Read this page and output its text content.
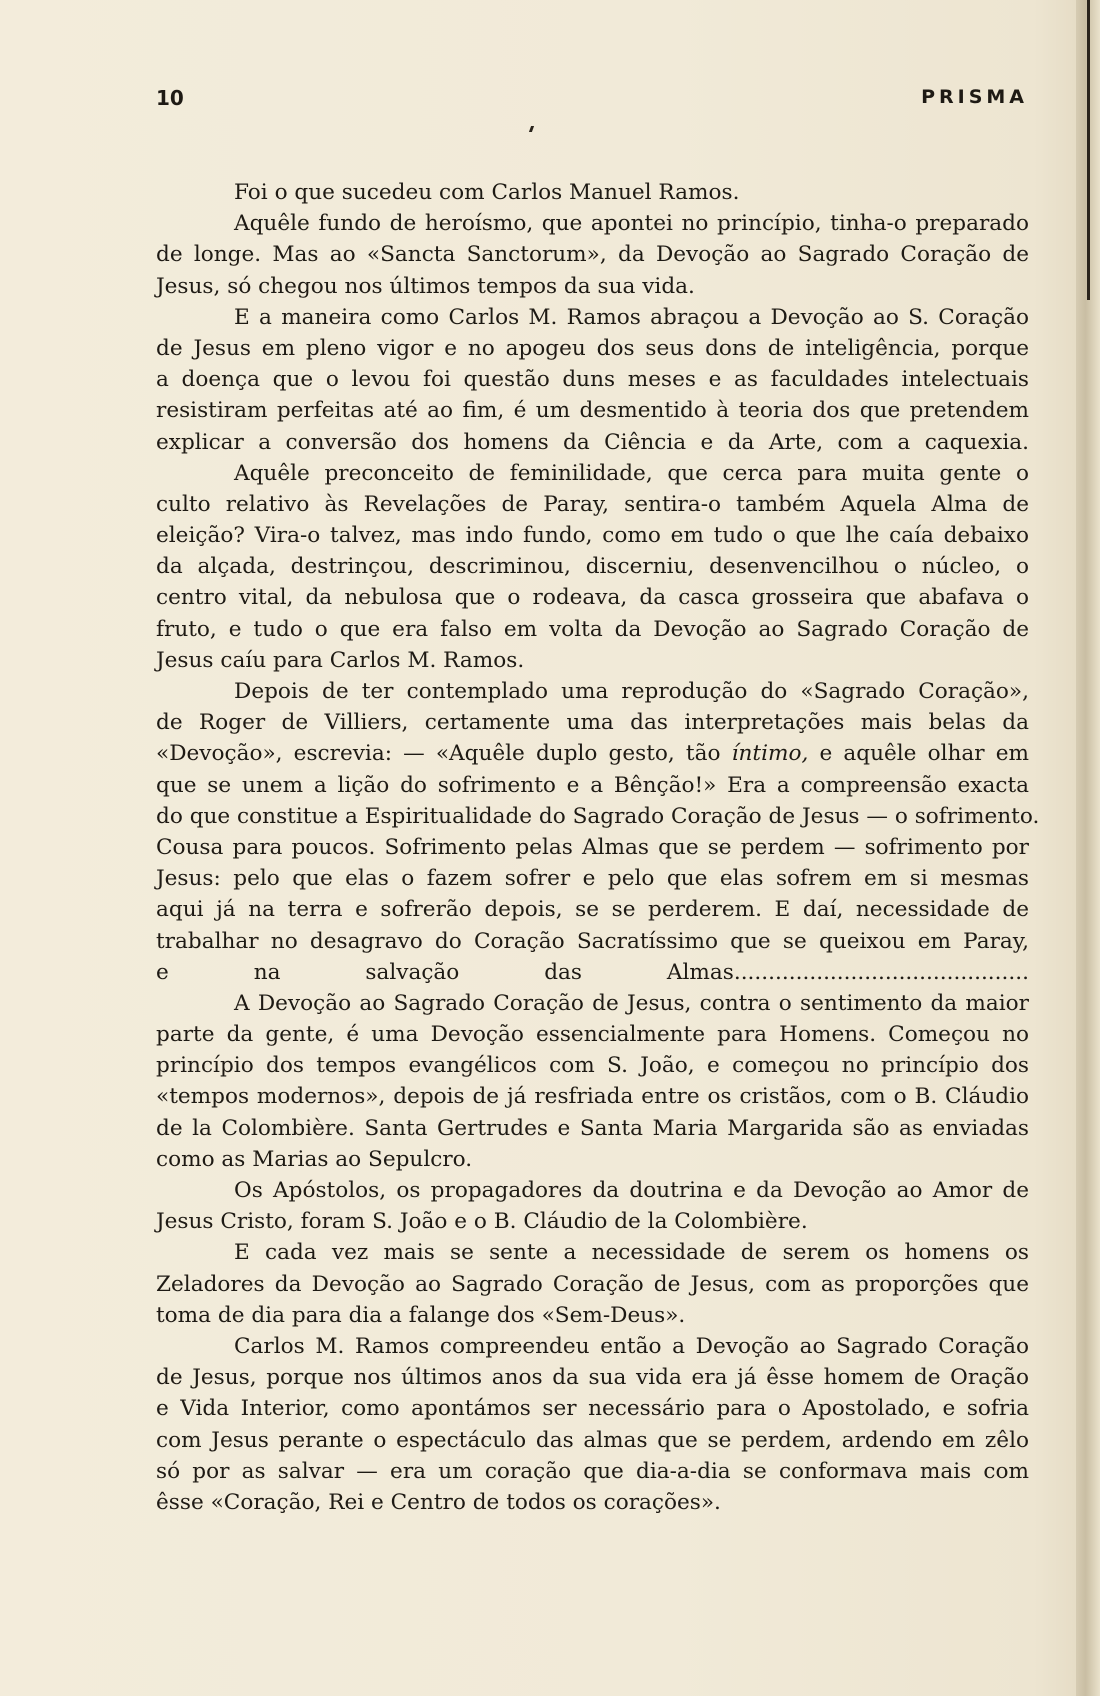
10	PRISMA
Foi o que sucedeu com Carlos Manuel Ramos.
Aquêle fundo de heroísmo, que apontei no princípio, tinha-o preparado
de longe. Mas ao «Sancta Sanctorum», da Devoção ao Sagrado Coração de
Jesus, só chegou nos últimos tempos da sua vida.
E a maneira como Carlos M. Ramos abraçou a Devoção ao S. Coração
de Jesus em pleno vigor e no apogeu dos seus dons de inteligência, porque
a doença que o levou foi questão duns meses e as faculdades intelectuais
resistiram perfeitas até ao fim, é um desmentido à teoria dos que pretendem
explicar a conversão dos homens da Ciência e da Arte, com a caquexia.
Aquêle preconceito de feminilidade, que cerca para muita gente o
culto relativo às Revelações de Paray, sentira-o também Aquela Alma de
eleição? Vira-o talvez, mas indo fundo, como em tudo o que lhe caía debaixo
da alçada, destrinçou, descriminou, discerniu, desenvencilhou o núcleo, o
centro vital, da nebulosa que o rodeava, da casca grosseira que abafava o
fruto, e tudo o que era falso em volta da Devoção ao Sagrado Coração de
Jesus caíu para Carlos M. Ramos.
Depois de ter contemplado uma reprodução do «Sagrado Coração»,
de Roger de Villiers, certamente uma das interpretações mais belas da
«Devoção», escrevia: — «Aquêle duplo gesto, tão íntimo, e aquêle olhar em
que se unem a lição do sofrimento e a Bênção!» Era a compreensão exacta
do que constitue a Espiritualidade do Sagrado Coração de Jesus — o sofrimento.
Cousa para poucos. Sofrimento pelas Almas que se perdem — sofrimento por
Jesus: pelo que elas o fazem sofrer e pelo que elas sofrem em si mesmas
aqui já na terra e sofrerão depois, se se perderem. E daí, necessidade de
trabalhar no desagravo do Coração Sacratíssimo que se queixou em Paray,
e na salvação das Almas...........................................
A Devoção ao Sagrado Coração de Jesus, contra o sentimento da maior
parte da gente, é uma Devoção essencialmente para Homens. Começou no
princípio dos tempos evangélicos com S. João, e começou no princípio dos
«tempos modernos», depois de já resfriada entre os cristãos, com o B. Cláudio
de la Colombière. Santa Gertrudes e Santa Maria Margarida são as enviadas
como as Marias ao Sepulcro.
Os Apóstolos, os propagadores da doutrina e da Devoção ao Amor de
Jesus Cristo, foram S. João e o B. Cláudio de la Colombière.
E cada vez mais se sente a necessidade de serem os homens os
Zeladores da Devoção ao Sagrado Coração de Jesus, com as proporções que
toma de dia para dia a falange dos «Sem-Deus».
Carlos M. Ramos compreendeu então a Devoção ao Sagrado Coração
de Jesus, porque nos últimos anos da sua vida era já êsse homem de Oração
e Vida Interior, como apontámos ser necessário para o Apostolado, e sofria
com Jesus perante o espectáculo das almas que se perdem, ardendo em zêlo
só por as salvar — era um coração que dia-a-dia se conformava mais com
êsse «Coração, Rei e Centro de todos os corações».
